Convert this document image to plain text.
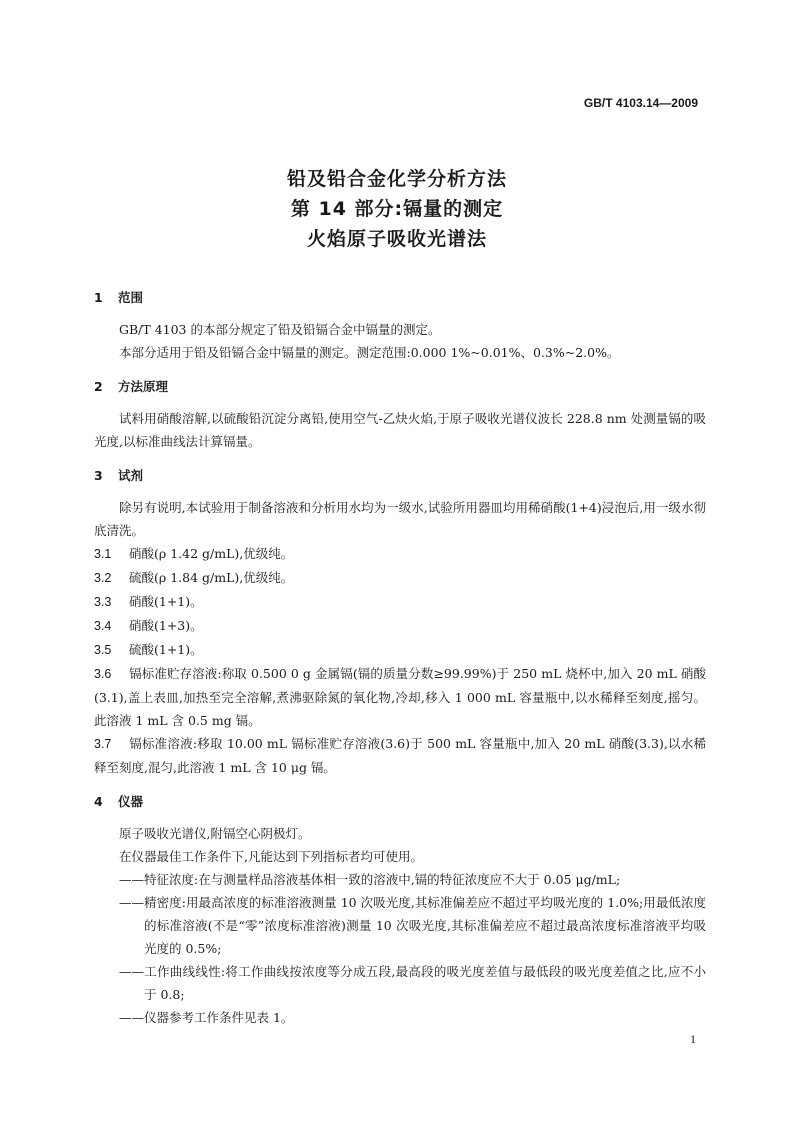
GB/T 4103.14—2009
铅及铅合金化学分析方法
第 14 部分:镉量的测定
火焰原子吸收光谱法
1 范围

GB/T 4103 的本部分规定了铅及铅镉合金中镉量的测定。

本部分适用于铅及铅镉合金中镉量的测定。测定范围:0.000 1%~0.01%、0.3%~2.0%。

2 方法原理

试料用硝酸溶解,以硫酸铅沉淀分离铅,使用空气-乙炔火焰,于原子吸收光谱仪波长 228.8 nm 处测量镉的吸光度,以标准曲线法计算镉量。

3 试剂

除另有说明,本试验用于制备溶液和分析用水均为一级水,试验所用器皿均用稀硝酸(1+4)浸泡后,用一级水彻底清洗。

3.1 硝酸(ρ 1.42 g/mL),优级纯。

3.2 硫酸(ρ 1.84 g/mL),优级纯。

3.3 硝酸(1+1)。

3.4 硝酸(1+3)。

3.5 硫酸(1+1)。

3.6 镉标准贮存溶液:称取 0.500 0 g 金属镉(镉的质量分数≥99.99%)于 250 mL 烧杯中,加入 20 mL 硝酸(3.1),盖上表皿,加热至完全溶解,煮沸驱除氮的氧化物,冷却,移入 1 000 mL 容量瓶中,以水稀释至刻度,摇匀。此溶液 1 mL 含 0.5 mg 镉。

3.7 镉标准溶液:移取 10.00 mL 镉标准贮存溶液(3.6)于 500 mL 容量瓶中,加入 20 mL 硝酸(3.3),以水稀释至刻度,混匀,此溶液 1 mL 含 10 μg 镉。

4 仪器

原子吸收光谱仪,附镉空心阴极灯。

在仪器最佳工作条件下,凡能达到下列指标者均可使用。

——特征浓度:在与测量样品溶液基体相一致的溶液中,镉的特征浓度应不大于 0.05 μg/mL;

——精密度:用最高浓度的标准溶液测量 10 次吸光度,其标准偏差应不超过平均吸光度的 1.0%;用最低浓度的标准溶液(不是“零”浓度标准溶液)测量 10 次吸光度,其标准偏差应不超过最高浓度标准溶液平均吸光度的 0.5%;

——工作曲线线性:将工作曲线按浓度等分成五段,最高段的吸光度差值与最低段的吸光度差值之比,应不小于 0.8;

——仪器参考工作条件见表 1。

1
